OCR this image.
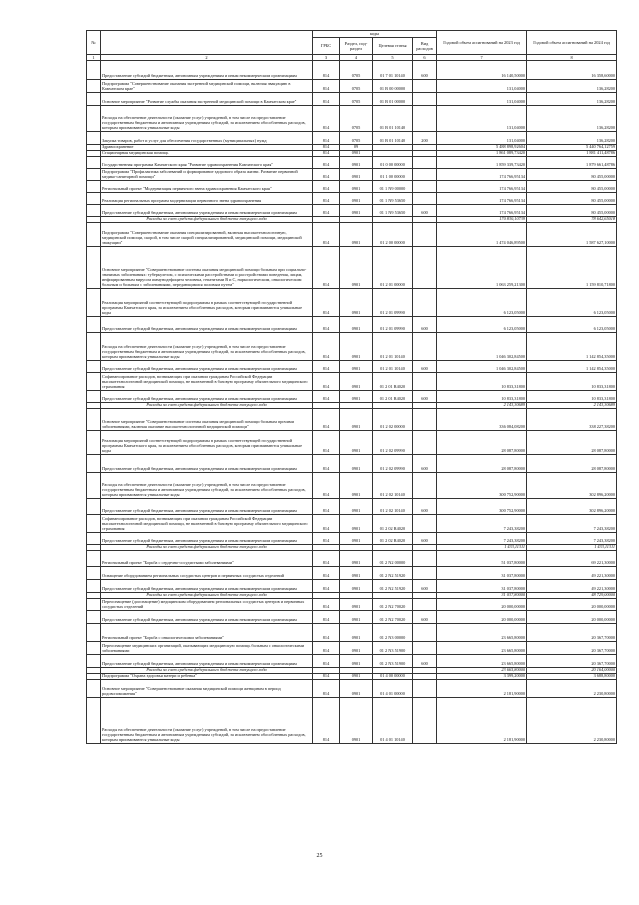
№		коды				Годовой объем ассигнований на 2023 год	Годовой объем ассигнований на 2024 год
		ГРБС	Раздел, под-раздел	Целевая статья	Вид расходов		
1	2	3	4	5	6	7	8
	Предоставление субсидий бюджетным, автономным учреждениям и иным некоммерческим организациям	814	0705	01 7 01 10140	600	16 140,50000	16 358,60000
	Подпрограмма "Совершенствование оказания экстренной медицинской помощи, включая эвакуацию в Камчатском крае"	814	0705	01 В 00 00000		131,04000	136,28200
	Основное мероприятие "Развитие службы оказания экстренной медицинской помощи в Камчатском крае"	814	0705	01 В 01 00000		131,04000	136,28200
	Расходы на обеспечение деятельности (оказание услуг) учреждений, в том числе на предоставление государственным бюджетным и автономным учреждениям субсидий, за исключением обособленных расходов, которым присваиваются уникальные коды	814	0705	01 В 01 10140		131,04000	136,28200
	Закупка товаров, работ и услуг для обеспечения государственных (муниципальных) нужд	814	0705	01 В 01 10140	200	131,04000	136,28200
	Здравоохранение	814	09			5 488 898,92604	5 440 764,12759
	Стационарная медицинская помощь	814	0901			1 861 089,73420	1 881 411,48786
	Государственная программа Камчатского края "Развитие здравоохранения Камчатского края"	814	0901	01 0 00 00000		1 859 339,73420	1 879 661,48786
	Подпрограмма "Профилактика заболеваний и формирование здорового образа жизни. Развитие первичной медико-санитарной помощи"	814	0901	01 1 00 00000		174 766,95134	80 455,00000
	Региональный проект "Модернизация первичного звена здравоохранения Камчатского края"	814	0901	01 1 N9 00000		174 766,95134	80 455,00000
	Реализация региональных программ модернизации первичного звена здравоохранения	814	0901	01 1 N9 53650		174 766,95134	80 455,00000
	Предоставление субсидий бюджетным, автономным учреждениям и иным некоммерческим организациям	814	0901	01 1 N9 53650	600	174 766,95134	80 455,00000
	Расходы за счет средств федерального бюджета текущего года					170 830,10739	78 642,65018
	Подпрограмма "Совершенствование оказания специализированной, включая высокотехнологичную, медицинской помощи, скорой, в том числе скорой специализированной, медицинской помощи, медицинской эвакуации"	814	0901	01 2 00 00000		1 474 046,89500	1 587 627,10000
	Основное мероприятие "Совершенствование системы оказания медицинской помощи больным при социально-значимых заболеваниях: туберкулезом, с психическими расстройствами и расстройствами поведения, лицам, инфицированным вирусом иммунодефицита человека, гепатитами В и С, наркологическим, онкологическим больным и больным с заболеваниями, передающимися половым путем"	814	0901	01 2 01 00000		1 063 259,21300	1 159 810,71800
	Реализация мероприятий соответствующей подпрограммы в рамках соответствующей государственной программы Камчатского края, за исключением обособленных расходов, которым присваиваются уникальные коды	814	0901	01 2 01 09990		6 123,05000	6 123,05000
	Предоставление субсидий бюджетным, автономным учреждениям и иным некоммерческим организациям	814	0901	01 2 01 09990	600	6 123,05000	6 123,05000
	Расходы на обеспечение деятельности (оказание услуг) учреждений, в том числе на предоставление государственным бюджетным и автономным учреждениям субсидий, за исключением обособленных расходов, которым присваиваются уникальные коды	814	0901	01 2 01 10140		1 046 302,84500	1 142 854,35000
	Предоставление субсидий бюджетным, автономным учреждениям и иным некоммерческим организациям	814	0901	01 2 01 10140	600	1 046 302,84500	1 142 854,35000
	Софинансирование расходов, возникающих при оказании гражданам Российской Федерации высокотехнологичной медицинской помощи, не включенной в базовую программу обязательного медицинского страхования	814	0901	01 2 01 R4020		10 833,31800	10 833,31800
	Предоставление субсидий бюджетным, автономным учреждениям и иным некоммерческим организациям	814	0901	01 2 01 R4020	600	10 833,31800	10 833,31800
	Расходы за счет средств федерального бюджета текущего года					2 143,30689	2 143,30689
	Основное мероприятие "Совершенствование системы оказания медицинской помощи больным прочими заболеваниями, включая оказание высокотехнологичной медицинской помощи"	814	0901	01 2 02 00000		336 084,08200	338 227,38200
	Реализация мероприятий соответствующей подпрограммы в рамках соответствующей государственной программы Камчатского края, за исключением обособленных расходов, которым присваиваются уникальные коды	814	0901	01 2 02 09990		28 087,80000	28 087,80000
	Предоставление субсидий бюджетным, автономным учреждениям и иным некоммерческим организациям	814	0901	01 2 02 09990	600	28 087,80000	28 087,80000
	Расходы на обеспечение деятельности (оказание услуг) учреждений, в том числе на предоставление государственным бюджетным и автономным учреждениям субсидий, за исключением обособленных расходов, которым присваиваются уникальные коды	814	0901	01 2 02 10140		300 752,90000	302 896,20000
	Предоставление субсидий бюджетным, автономным учреждениям и иным некоммерческим организациям	814	0901	01 2 02 10140	600	300 752,90000	302 896,20000
	Софинансирование расходов, возникающих при оказании гражданам Российской Федерации высокотехнологичной медицинской помощи, не включенной в базовую программу обязательного медицинского страхования	814	0901	01 2 02 R4020		7 243,38200	7 243,38200
	Предоставление субсидий бюджетным, автономным учреждениям и иным некоммерческим организациям	814	0901	01 2 02 R4020	600	7 243,38200	7 243,38200
	Расходы за счет средств федерального бюджета текущего года					1 433,11311	1 433,11311
	Региональный проект "Борьба с сердечно-сосудистыми заболеваниями"	814	0901	01 2 N2 00000		51 037,80000	69 221,30000
	Оснащение оборудованием региональных сосудистых центров и первичных сосудистых отделений	814	0901	01 2 N2 51920		31 037,80000	49 221,30000
	Предоставление субсидий бюджетным, автономным учреждениям и иным некоммерческим организациям	814	0901	01 2 N2 51920	600	31 037,80000	49 221,30000
	Расходы за счет средств федерального бюджета текущего года					31 037,80000	48 729,00000
	Переоснащение (дооснащение) медицинским оборудованием региональных сосудистых центров и первичных сосудистых отделений	814	0901	01 2 N2 70020		20 000,00000	20 000,00000
	Предоставление субсидий бюджетным, автономным учреждениям и иным некоммерческим организациям	814	0901	01 2 N2 70020	600	20 000,00000	20 000,00000
	Региональный проект "Борьба с онкологическими заболеваниями"	814	0901	01 2 N3 00000		23 665,80000	20 367,70000
	Переоснащение медицинских организаций, оказывающих медицинскую помощь больным с онкологическими заболеваниями	814	0901	01 2 N3 51900		23 665,80000	20 367,70000
	Предоставление субсидий бюджетным, автономным учреждениям и иным некоммерческим организациям	814	0901	01 2 N3 51900	600	23 665,80000	20 367,70000
	Расходы за счет средств федерального бюджета текущего года					23 665,80000	20 164,00000
	Подпрограмма "Охрана здоровья матери и ребенка"	814	0901	01 4 00 00000		3 399,20000	3 688,80000
	Основное мероприятие "Совершенствование оказания медицинской помощи женщинам в период родовспоможения"	814	0901	01 4 01 00000		2 181,90000	2 230,80000
	Расходы на обеспечение деятельности (оказание услуг) учреждений, в том числе на предоставление государственным бюджетным и автономным учреждениям субсидий, за исключением обособленных расходов, которым присваиваются уникальные коды	814	0901	01 4 01 10140		2 181,90000	2 230,80000
25
